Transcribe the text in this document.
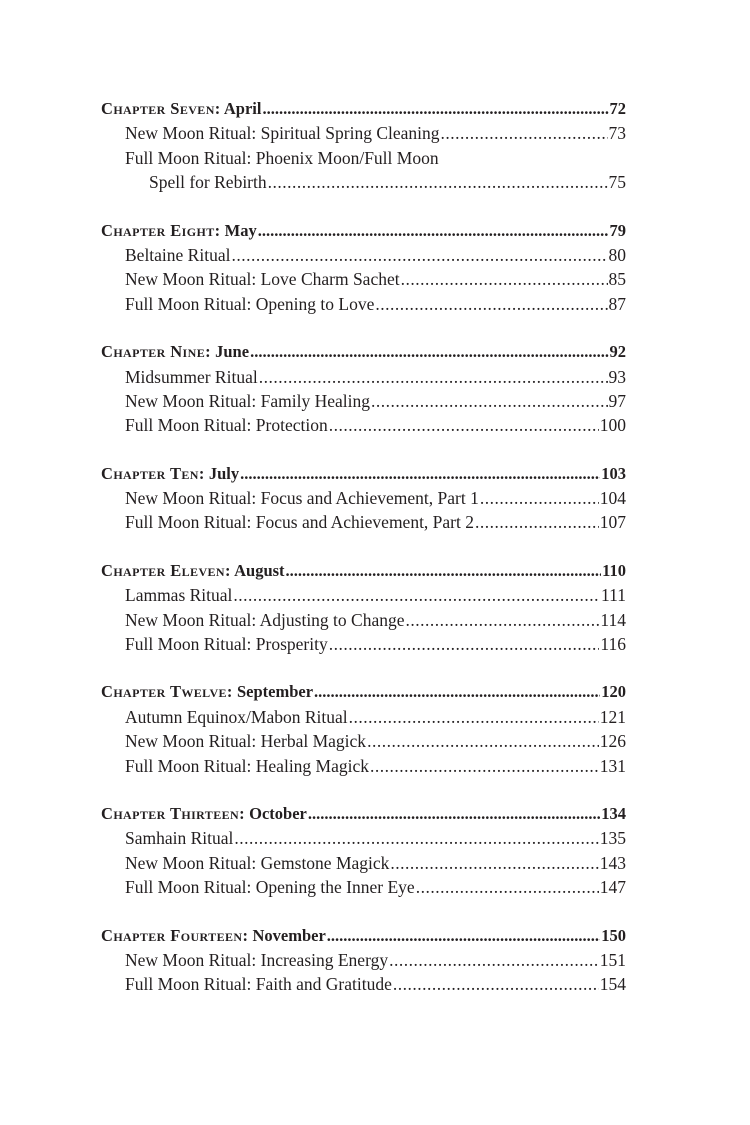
Chapter Seven: April .....	72
New Moon Ritual: Spiritual Spring Cleaning .....	73
Full Moon Ritual: Phoenix Moon/Full Moon
Spell for Rebirth .....	75
Chapter Eight: May .....	79
Beltaine Ritual .....	80
New Moon Ritual: Love Charm Sachet .....	85
Full Moon Ritual: Opening to Love .....	87
Chapter Nine: June .....	92
Midsummer Ritual .....	93
New Moon Ritual: Family Healing .....	97
Full Moon Ritual: Protection .....	100
Chapter Ten: July .....	103
New Moon Ritual: Focus and Achievement, Part 1 .....	104
Full Moon Ritual: Focus and Achievement, Part 2 .....	107
Chapter Eleven: August .....	110
Lammas Ritual .....	111
New Moon Ritual: Adjusting to Change .....	114
Full Moon Ritual: Prosperity .....	116
Chapter Twelve: September .....	120
Autumn Equinox/Mabon Ritual .....	121
New Moon Ritual: Herbal Magick .....	126
Full Moon Ritual: Healing Magick .....	131
Chapter Thirteen: October .....	134
Samhain Ritual .....	135
New Moon Ritual: Gemstone Magick .....	143
Full Moon Ritual: Opening the Inner Eye .....	147
Chapter Fourteen: November .....	150
New Moon Ritual: Increasing Energy .....	151
Full Moon Ritual: Faith and Gratitude .....	154
